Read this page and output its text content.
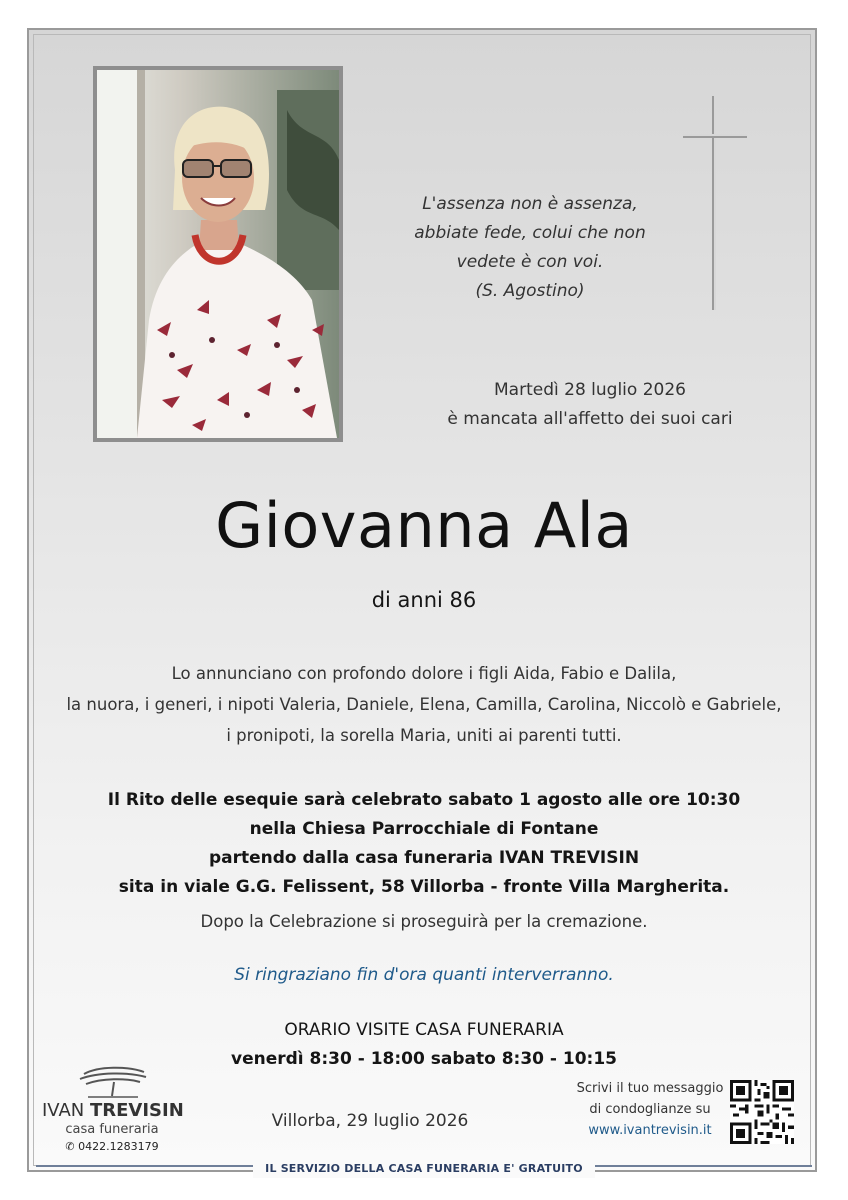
L'assenza non è assenza,
abbiate fede, colui che non
vedete è con voi.
(S. Agostino)
Martedì 28 luglio 2026
è mancata all'affetto dei suoi cari
Giovanna Ala
di anni 86
Lo annunciano con profondo dolore i figli Aida, Fabio e Dalila,
la nuora, i generi, i nipoti Valeria, Daniele, Elena, Camilla, Carolina, Niccolò e Gabriele,
i pronipoti, la sorella Maria, uniti ai parenti tutti.
Il Rito delle esequie sarà celebrato sabato 1 agosto alle ore 10:30
nella Chiesa Parrocchiale di Fontane
partendo dalla casa funeraria IVAN TREVISIN
sita in viale G.G. Felissent, 58 Villorba - fronte Villa Margherita.
Dopo la Celebrazione si proseguirà per la cremazione.
Si ringraziano fin d'ora quanti interverranno.
ORARIO VISITE CASA FUNERARIA
venerdì 8:30 - 18:00 sabato 8:30 - 10:15
IVAN TREVISIN
casa funeraria
✆ 0422.1283179
Villorba, 29 luglio 2026
Scrivi il tuo messaggio
di condoglianze su
www.ivantrevisin.it
IL SERVIZIO DELLA CASA FUNERARIA E' GRATUITO
